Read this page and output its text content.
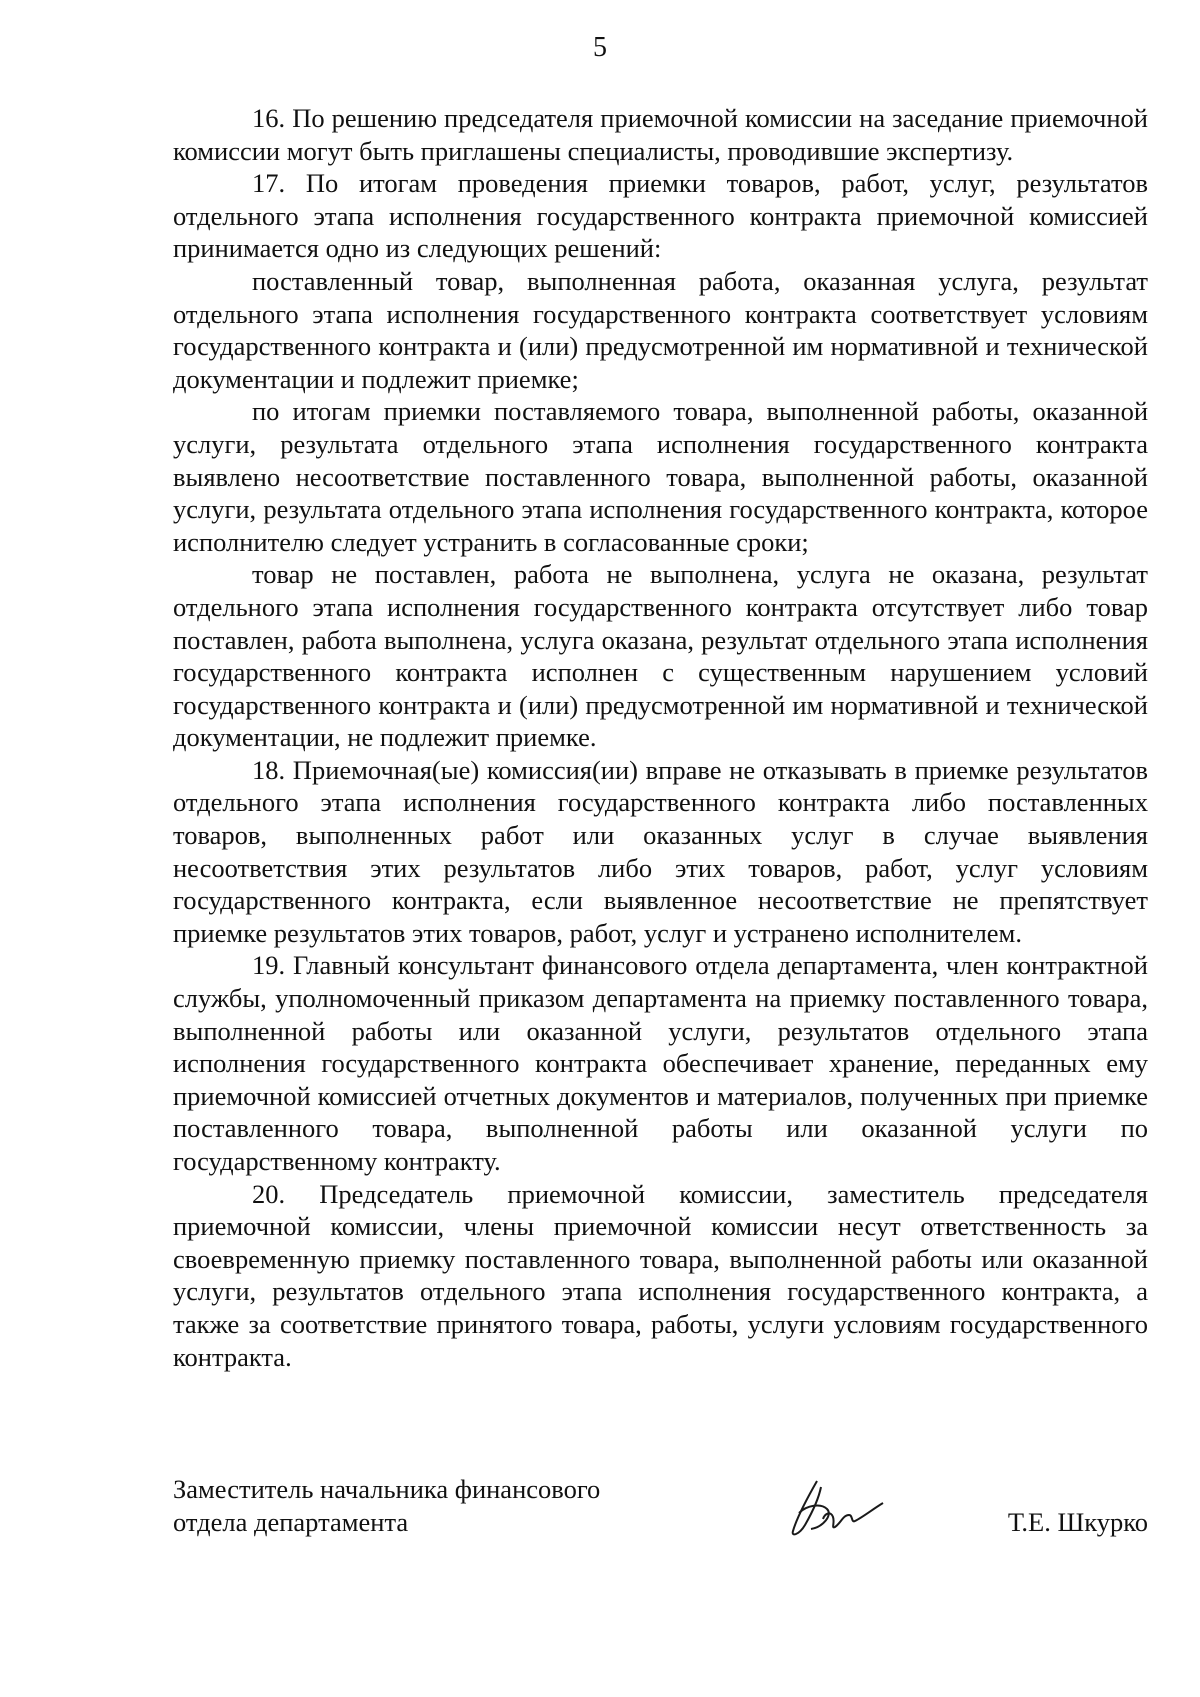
5

16. По решению председателя приемочной комиссии на заседание приемочной комиссии могут быть приглашены специалисты, проводившие экспертизу.

17. По итогам проведения приемки товаров, работ, услуг, результатов отдельного этапа исполнения государственного контракта приемочной комиссией принимается одно из следующих решений:

поставленный товар, выполненная работа, оказанная услуга, результат отдельного этапа исполнения государственного контракта соответствует условиям государственного контракта и (или) предусмотренной им нормативной и технической документации и подлежит приемке;

по итогам приемки поставляемого товара, выполненной работы, оказанной услуги, результата отдельного этапа исполнения государственного контракта выявлено несоответствие поставленного товара, выполненной работы, оказанной услуги, результата отдельного этапа исполнения государственного контракта, которое исполнителю следует устранить в согласованные сроки;

товар не поставлен, работа не выполнена, услуга не оказана, результат отдельного этапа исполнения государственного контракта отсутствует либо товар поставлен, работа выполнена, услуга оказана, результат отдельного этапа исполнения государственного контракта исполнен с существенным нарушением условий государственного контракта и (или) предусмотренной им нормативной и технической документации, не подлежит приемке.

18. Приемочная(ые) комиссия(ии) вправе не отказывать в приемке результатов отдельного этапа исполнения государственного контракта либо поставленных товаров, выполненных работ или оказанных услуг в случае выявления несоответствия этих результатов либо этих товаров, работ, услуг условиям государственного контракта, если выявленное несоответствие не препятствует приемке результатов этих товаров, работ, услуг и устранено исполнителем.

19. Главный консультант финансового отдела департамента, член контрактной службы, уполномоченный приказом департамента на приемку поставленного товара, выполненной работы или оказанной услуги, результатов отдельного этапа исполнения государственного контракта обеспечивает хранение, переданных ему приемочной комиссией отчетных документов и материалов, полученных при приемке поставленного товара, выполненной работы или оказанной услуги по государственному контракту.

20. Председатель приемочной комиссии, заместитель председателя приемочной комиссии, члены приемочной комиссии несут ответственность за своевременную приемку поставленного товара, выполненной работы или оказанной услуги, результатов отдельного этапа исполнения государственного контракта, а также за соответствие принятого товара, работы, услуги условиям государственного контракта.

Заместитель начальника финансового
отдела департамента	Т.Е. Шкурко
